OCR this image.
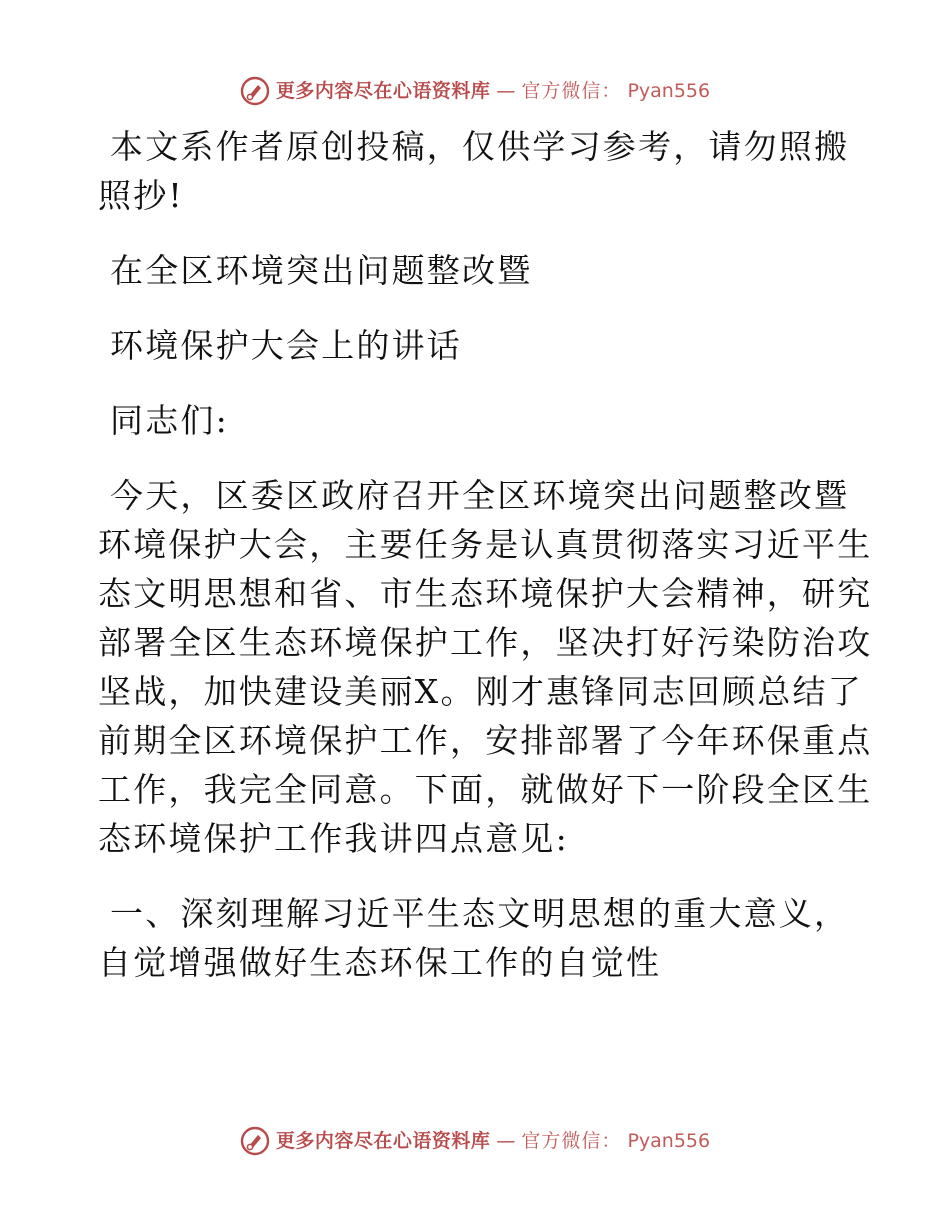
更多内容尽在心语资料库 — 官方微信： Pyan556

本文系作者原创投稿，仅供学习参考，请勿照搬
照抄!

在全区环境突出问题整改暨

环境保护大会上的讲话

同志们:

今天，区委区政府召开全区环境突出问题整改暨
环境保护大会，主要任务是认真贯彻落实习近平生
态文明思想和省、市生态环境保护大会精神，研究
部署全区生态环境保护工作，坚决打好污染防治攻
坚战，加快建设美丽X。刚才惠锋同志回顾总结了
前期全区环境保护工作，安排部署了今年环保重点
工作，我完全同意。下面，就做好下一阶段全区生
态环境保护工作我讲四点意见:

一、深刻理解习近平生态文明思想的重大意义，
自觉增强做好生态环保工作的自觉性

更多内容尽在心语资料库 — 官方微信： Pyan556
